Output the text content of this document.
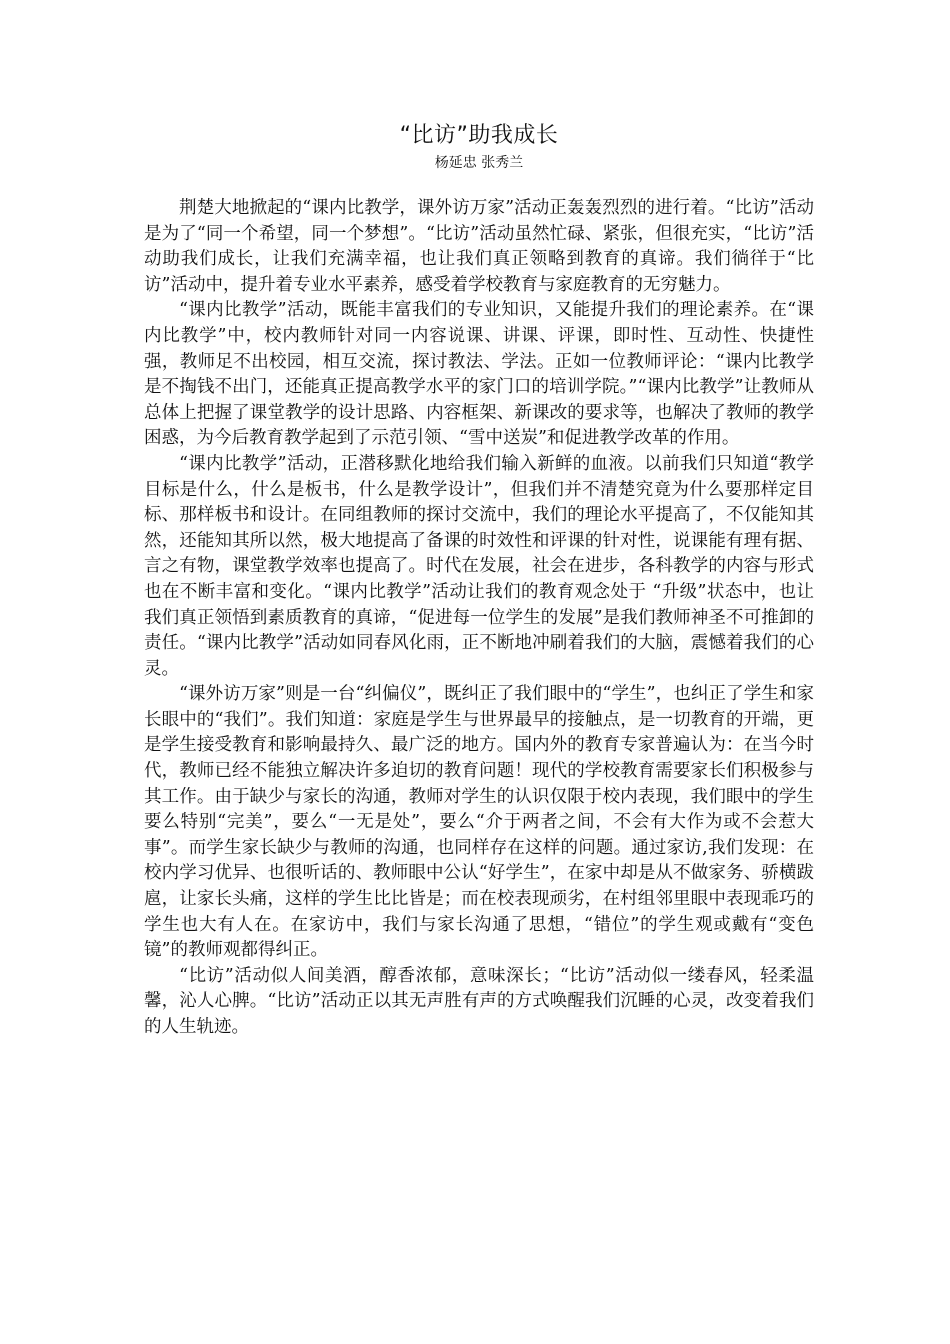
“比访”助我成长
杨延忠 张秀兰

荆楚大地掀起的“课内比教学，课外访万家”活动正轰轰烈烈的进行着。“比访”活动是为了“同一个希望，同一个梦想”。“比访”活动虽然忙碌、紧张，但很充实，“比访”活动助我们成长，让我们充满幸福，也让我们真正领略到教育的真谛。我们徜徉于“比访”活动中，提升着专业水平素养，感受着学校教育与家庭教育的无穷魅力。

“课内比教学”活动，既能丰富我们的专业知识，又能提升我们的理论素养。在“课内比教学”中，校内教师针对同一内容说课、讲课、评课，即时性、互动性、快捷性强，教师足不出校园，相互交流，探讨教法、学法。正如一位教师评论：“课内比教学是不掏钱不出门，还能真正提高教学水平的家门口的培训学院。”“课内比教学”让教师从总体上把握了课堂教学的设计思路、内容框架、新课改的要求等，也解决了教师的教学困惑，为今后教育教学起到了示范引领、“雪中送炭”和促进教学改革的作用。

“课内比教学”活动，正潜移默化地给我们输入新鲜的血液。以前我们只知道“教学目标是什么，什么是板书，什么是教学设计”，但我们并不清楚究竟为什么要那样定目标、那样板书和设计。在同组教师的探讨交流中，我们的理论水平提高了，不仅能知其然，还能知其所以然，极大地提高了备课的时效性和评课的针对性，说课能有理有据、言之有物，课堂教学效率也提高了。时代在发展，社会在进步，各科教学的内容与形式也在不断丰富和变化。“课内比教学”活动让我们的教育观念处于 “升级”状态中，也让我们真正领悟到素质教育的真谛，“促进每一位学生的发展”是我们教师神圣不可推卸的责任。“课内比教学”活动如同春风化雨，正不断地冲刷着我们的大脑，震憾着我们的心灵。

“课外访万家”则是一台“纠偏仪”，既纠正了我们眼中的“学生”，也纠正了学生和家长眼中的“我们”。我们知道：家庭是学生与世界最早的接触点，是一切教育的开端，更是学生接受教育和影响最持久、最广泛的地方。国内外的教育专家普遍认为：在当今时代，教师已经不能独立解决许多迫切的教育问题！现代的学校教育需要家长们积极参与其工作。由于缺少与家长的沟通，教师对学生的认识仅限于校内表现，我们眼中的学生要么特别“完美”，要么“一无是处”，要么“介于两者之间，不会有大作为或不会惹大事”。而学生家长缺少与教师的沟通，也同样存在这样的问题。通过家访,我们发现：在校内学习优异、也很听话的、教师眼中公认“好学生”，在家中却是从不做家务、骄横跋扈，让家长头痛，这样的学生比比皆是；而在校表现顽劣，在村组邻里眼中表现乖巧的学生也大有人在。在家访中，我们与家长沟通了思想，“错位”的学生观或戴有“变色镜”的教师观都得纠正。

“比访”活动似人间美酒，醇香浓郁，意味深长；“比访”活动似一缕春风，轻柔温馨，沁人心脾。“比访”活动正以其无声胜有声的方式唤醒我们沉睡的心灵，改变着我们的人生轨迹。
